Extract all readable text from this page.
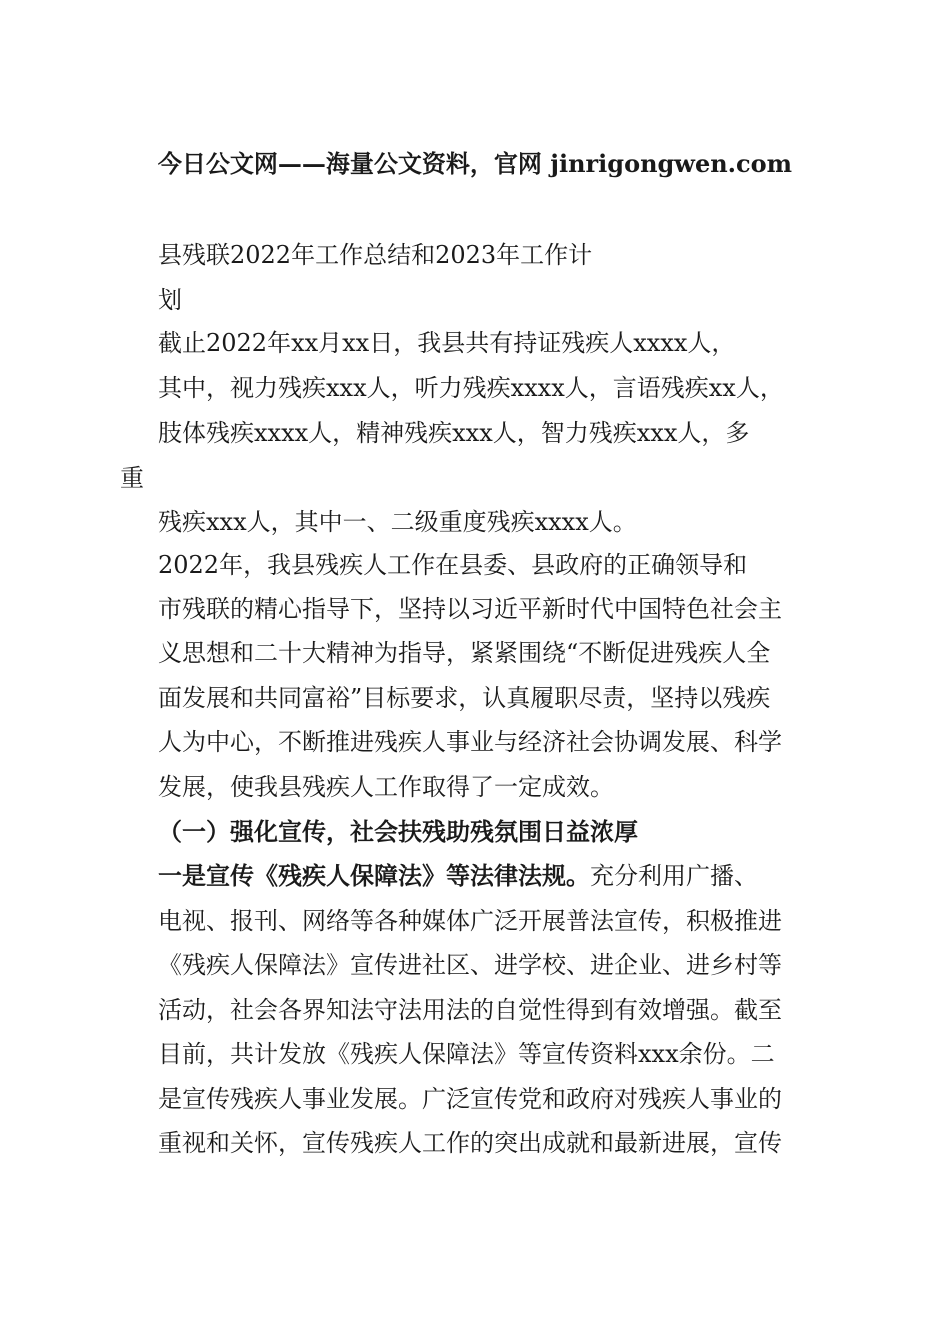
今日公文网——海量公文资料，官网 jinrigongwen.com
县残联2022年工作总结和2023年工作计
划
截止2022年xx月xx日，我县共有持证残疾人xxxx人，
其中，视力残疾xxx人，听力残疾xxxx人，言语残疾xx人，
肢体残疾xxxx人，精神残疾xxx人，智力残疾xxx人，多
重
残疾xxx人，其中一、二级重度残疾xxxx人。
2022年，我县残疾人工作在县委、县政府的正确领导和
市残联的精心指导下，坚持以习近平新时代中国特色社会主
义思想和二十大精神为指导，紧紧围绕“不断促进残疾人全
面发展和共同富裕”目标要求，认真履职尽责，坚持以残疾
人为中心，不断推进残疾人事业与经济社会协调发展、科学
发展，使我县残疾人工作取得了一定成效。
（一）强化宣传，社会扶残助残氛围日益浓厚
一是宣传《残疾人保障法》等法律法规。充分利用广播、
电视、报刊、网络等各种媒体广泛开展普法宣传，积极推进
《残疾人保障法》宣传进社区、进学校、进企业、进乡村等
活动，社会各界知法守法用法的自觉性得到有效增强。截至
目前，共计发放《残疾人保障法》等宣传资料xxx余份。二
是宣传残疾人事业发展。广泛宣传党和政府对残疾人事业的
重视和关怀，宣传残疾人工作的突出成就和最新进展，宣传
